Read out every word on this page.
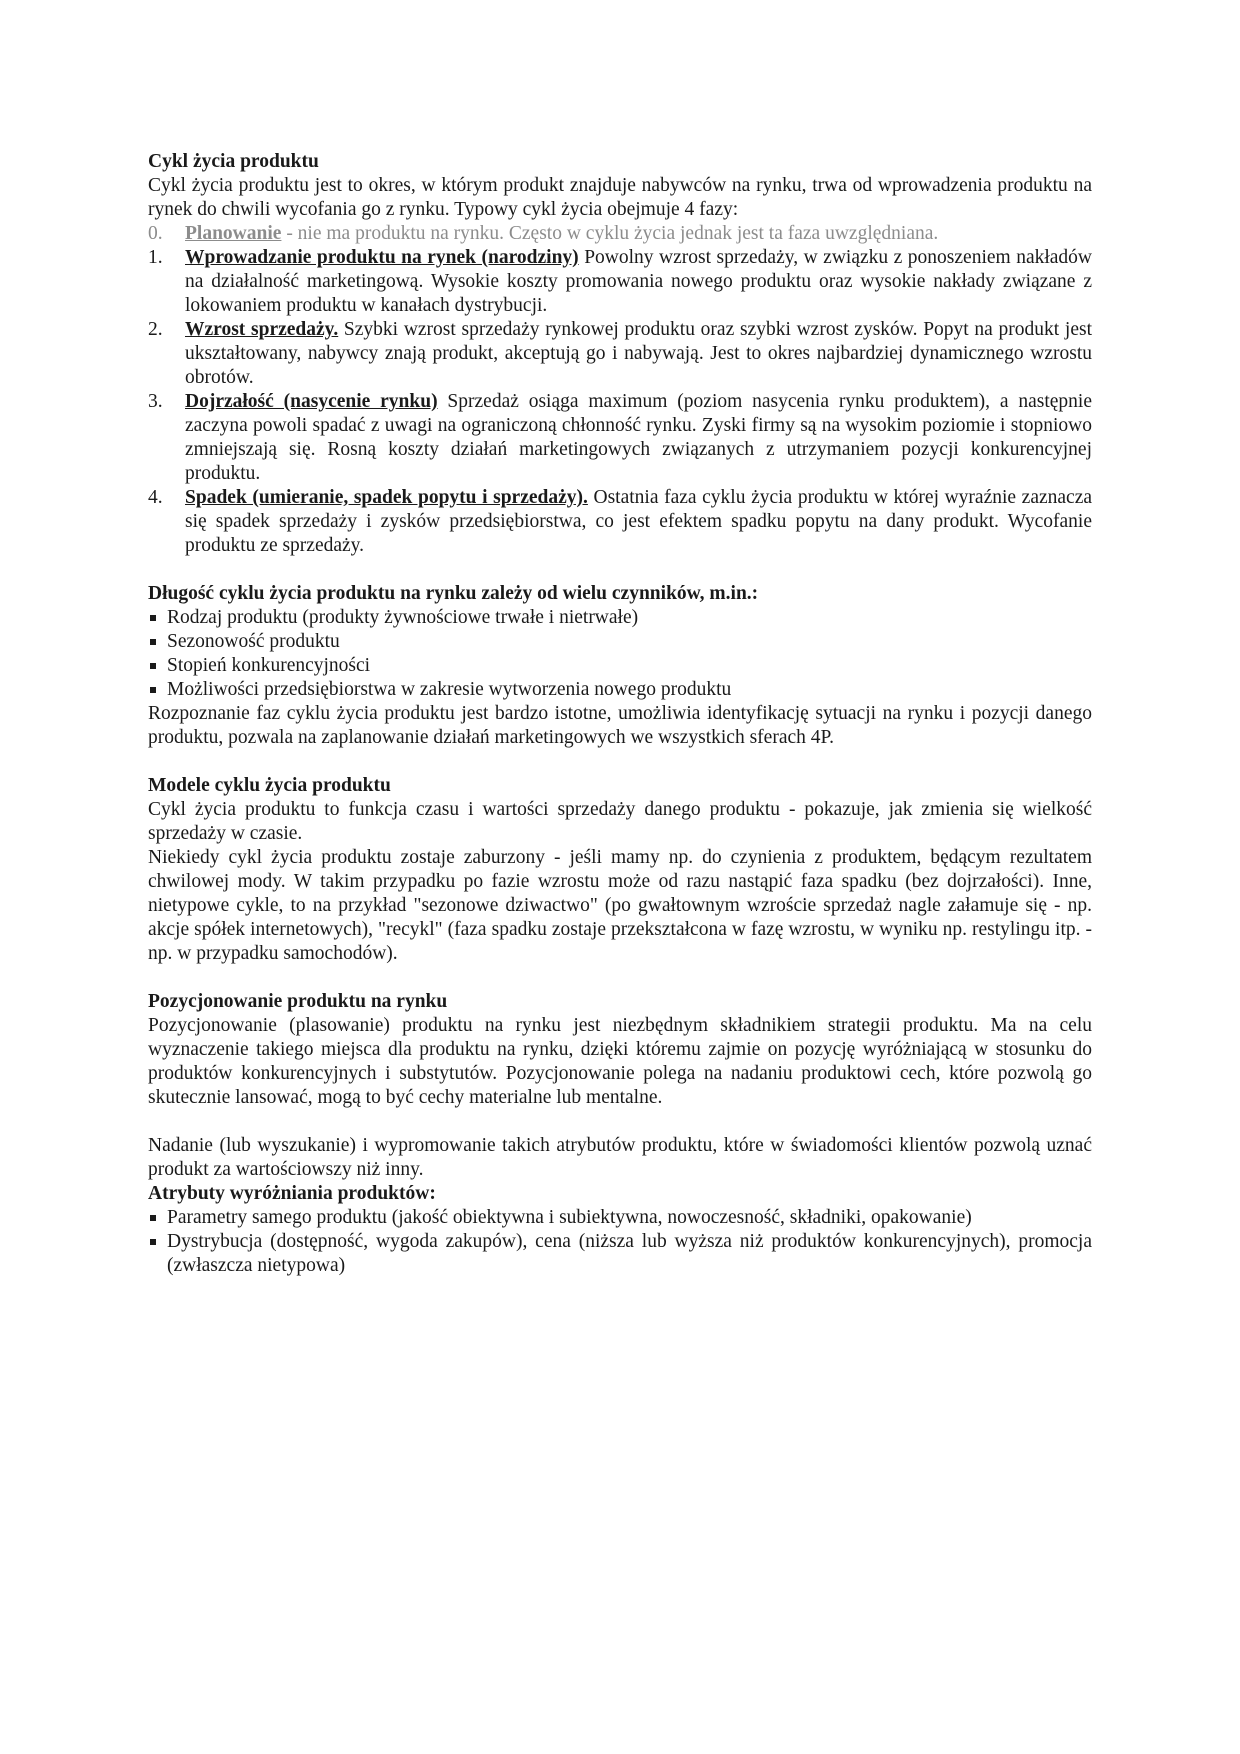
Cykl życia produktu

Cykl życia produktu jest to okres, w którym produkt znajduje nabywców na rynku, trwa od wprowadzenia produktu na rynek do chwili wycofania go z rynku. Typowy cykl życia obejmuje 4 fazy:

0. Planowanie - nie ma produktu na rynku. Często w cyklu życia jednak jest ta faza uwzględniana.
1. Wprowadzanie produktu na rynek (narodziny) Powolny wzrost sprzedaży, w związku z ponoszeniem nakładów na działalność marketingową. Wysokie koszty promowania nowego produktu oraz wysokie nakłady związane z lokowaniem produktu w kanałach dystrybucji.
2. Wzrost sprzedaży. Szybki wzrost sprzedaży rynkowej produktu oraz szybki wzrost zysków. Popyt na produkt jest ukształtowany, nabywcy znają produkt, akceptują go i nabywają. Jest to okres najbardziej dynamicznego wzrostu obrotów.
3. Dojrzałość (nasycenie rynku) Sprzedaż osiąga maximum (poziom nasycenia rynku produktem), a następnie zaczyna powoli spadać z uwagi na ograniczoną chłonność rynku. Zyski firmy są na wysokim poziomie i stopniowo zmniejszają się. Rosną koszty działań marketingowych związanych z utrzymaniem pozycji konkurencyjnej produktu.
4. Spadek (umieranie, spadek popytu i sprzedaży). Ostatnia faza cyklu życia produktu w której wyraźnie zaznacza się spadek sprzedaży i zysków przedsiębiorstwa, co jest efektem spadku popytu na dany produkt. Wycofanie produktu ze sprzedaży.

Długość cyklu życia produktu na rynku zależy od wielu czynników, m.in.:

Rodzaj produktu (produkty żywnościowe trwałe i nietrwałe)
Sezonowość produktu
Stopień konkurencyjności
Możliwości przedsiębiorstwa w zakresie wytworzenia nowego produktu

Rozpoznanie faz cyklu życia produktu jest bardzo istotne, umożliwia identyfikację sytuacji na rynku i pozycji danego produktu, pozwala na zaplanowanie działań marketingowych we wszystkich sferach 4P.

Modele cyklu życia produktu

Cykl życia produktu to funkcja czasu i wartości sprzedaży danego produktu - pokazuje, jak zmienia się wielkość sprzedaży w czasie.

Niekiedy cykl życia produktu zostaje zaburzony - jeśli mamy np. do czynienia z produktem, będącym rezultatem chwilowej mody. W takim przypadku po fazie wzrostu może od razu nastąpić faza spadku (bez dojrzałości). Inne, nietypowe cykle, to na przykład "sezonowe dziwactwo" (po gwałtownym wzroście sprzedaż nagle załamuje się - np. akcje spółek internetowych), "recykl" (faza spadku zostaje przekształcona w fazę wzrostu, w wyniku np. restylingu itp. - np. w przypadku samochodów).

Pozycjonowanie produktu na rynku

Pozycjonowanie (plasowanie) produktu na rynku jest niezbędnym składnikiem strategii produktu. Ma na celu wyznaczenie takiego miejsca dla produktu na rynku, dzięki któremu zajmie on pozycję wyróżniającą w stosunku do produktów konkurencyjnych i substytutów. Pozycjonowanie polega na nadaniu produktowi cech, które pozwolą go skutecznie lansować, mogą to być cechy materialne lub mentalne.

Nadanie (lub wyszukanie) i wypromowanie takich atrybutów produktu, które w świadomości klientów pozwolą uznać produkt za wartościowszy niż inny.

Atrybuty wyróżniania produktów:

Parametry samego produktu (jakość obiektywna i subiektywna, nowoczesność, składniki, opakowanie)
Dystrybucja (dostępność, wygoda zakupów), cena (niższa lub wyższa niż produktów konkurencyjnych), promocja (zwłaszcza nietypowa)
